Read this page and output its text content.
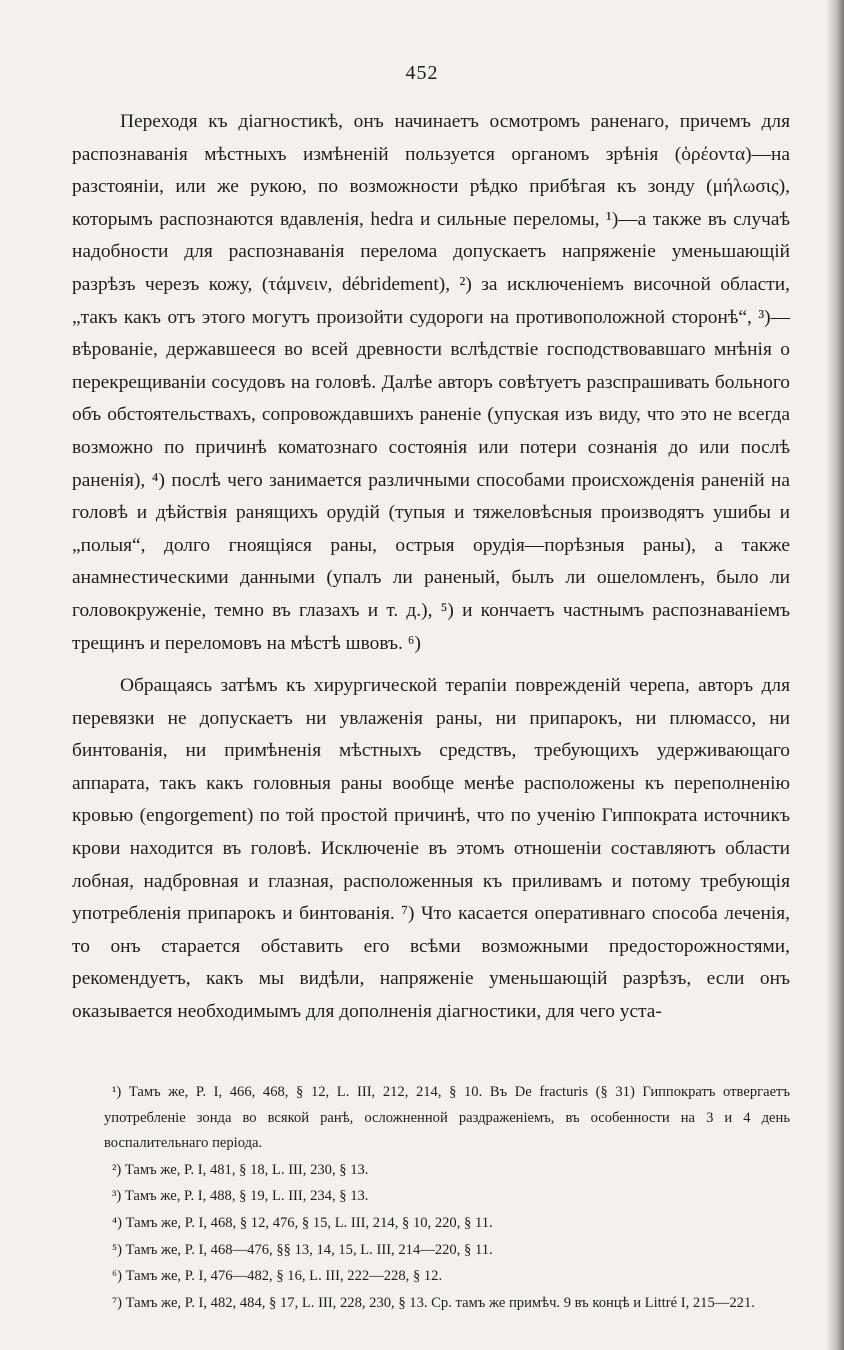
452

Переходя къ діагностикѣ, онъ начинаетъ осмотромъ раненаго, причемъ для распознаванія мѣстныхъ измѣненій пользуется органомъ зрѣнія (ὁρέοντα)—на разстояніи, или же рукою, по возможности рѣдко прибѣгая къ зонду (μήλωσις), которымъ распознаются вдавленія, hedra и сильные переломы, ¹)—а также въ случаѣ надобности для распознаванія перелома допускаетъ напряженіе уменьшающій разрѣзъ черезъ кожу, (τάμνειν, débridement), ²) за исключеніемъ височной области, „такъ какъ отъ этого могутъ произойти судороги на противоположной сторонѣ“, ³)—вѣрованіе, державшееся во всей древности вслѣдствіе господствовавшаго мнѣнія о перекрещиваніи сосудовъ на головѣ. Далѣе авторъ совѣтуетъ разспрашивать больного объ обстоятельствахъ, сопровождавшихъ раненіе (упуская изъ виду, что это не всегда возможно по причинѣ коматознаго состоянія или потери сознанія до или послѣ раненія), ⁴) послѣ чего занимается различными способами происхожденія раненій на головѣ и дѣйствія ранящихъ орудій (тупыя и тяжеловѣсныя производятъ ушибы и „полыя“, долго гноящіяся раны, острыя орудія—порѣзныя раны), а также анамнестическими данными (упалъ ли раненый, былъ ли ошеломленъ, было ли головокруженіе, темно въ глазахъ и т. д.), ⁵) и кончаетъ частнымъ распознаваніемъ трещинъ и переломовъ на мѣстѣ швовъ. ⁶)

Обращаясь затѣмъ къ хирургической терапіи поврежденій черепа, авторъ для перевязки не допускаетъ ни увлаженія раны, ни припарокъ, ни плюмассо, ни бинтованія, ни примѣненія мѣстныхъ средствъ, требующихъ удерживающаго аппарата, такъ какъ головныя раны вообще менѣе расположены къ переполненію кровью (engorgement) по той простой причинѣ, что по ученію Гиппократа источникъ крови находится въ головѣ. Исключеніе въ этомъ отношеніи составляютъ области лобная, надбровная и глазная, расположенныя къ приливамъ и потому требующія употребленія припарокъ и бинтованія. ⁷) Что касается оперативнаго способа леченія, то онъ старается обставить его всѣми возможными предосторожностями, рекомендуетъ, какъ мы видѣли, напряженіе уменьшающій разрѣзъ, если онъ оказывается необходимымъ для дополненія діагностики, для чего уста-

¹) Тамъ же, P. I, 466, 468, § 12, L. III, 212, 214, § 10. Въ De fracturis (§ 31) Гиппократъ отвергаетъ употребленіе зонда во всякой ранѣ, осложненной раздраженіемъ, въ особенности на 3 и 4 день воспалительнаго періода.

²) Тамъ же, P. I, 481, § 18, L. III, 230, § 13.

³) Тамъ же, P. I, 488, § 19, L. III, 234, § 13.

⁴) Тамъ же, P. I, 468, § 12, 476, § 15, L. III, 214, § 10, 220, § 11.

⁵) Тамъ же, P. I, 468—476, §§ 13, 14, 15, L. III, 214—220, § 11.

⁶) Тамъ же, P. I, 476—482, § 16, L. III, 222—228, § 12.

⁷) Тамъ же, P. I, 482, 484, § 17, L. III, 228, 230, § 13. Ср. тамъ же примѣч. 9 въ концѣ и Littré I, 215—221.
